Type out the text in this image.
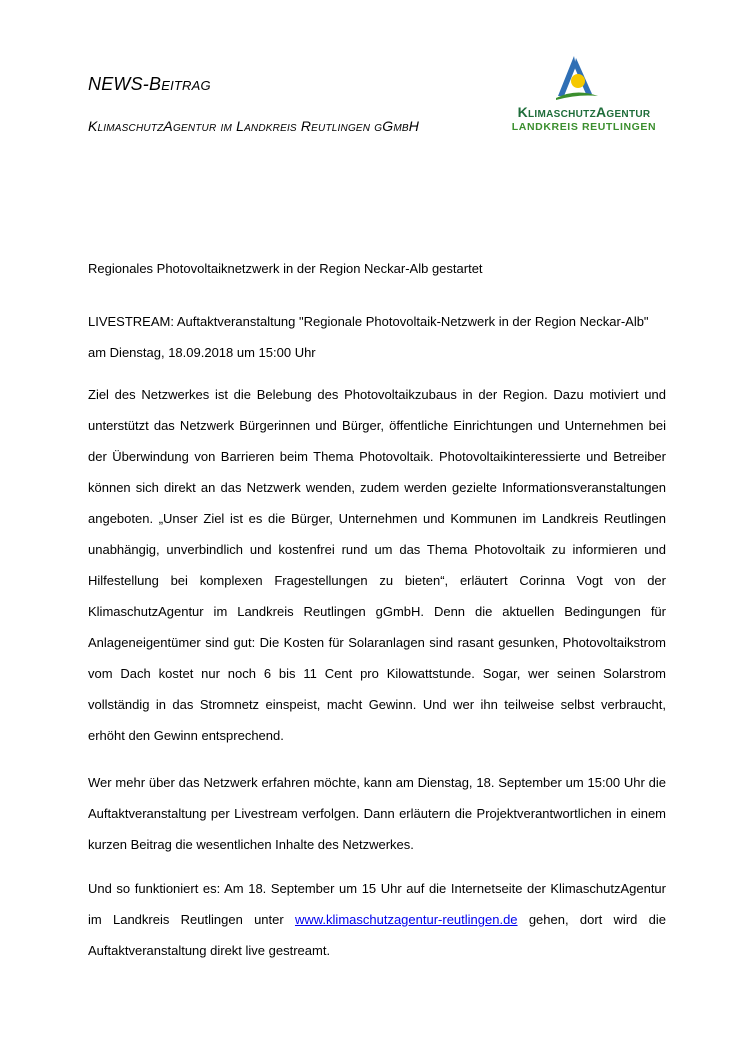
NEWS-Beitrag
KlimaschutzAgentur im Landkreis Reutlingen gGmbH
KlimaschutzAgentur
LANDKREIS REUTLINGEN
Regionales Photovoltaiknetzwerk in der Region Neckar-Alb gestartet
LIVESTREAM: Auftaktveranstaltung "Regionale Photovoltaik-Netzwerk in der Region Neckar-Alb"
am Dienstag, 18.09.2018 um 15:00 Uhr
Ziel des Netzwerkes ist die Belebung des Photovoltaikzubaus in der Region. Dazu motiviert und unterstützt das Netzwerk Bürgerinnen und Bürger, öffentliche Einrichtungen und Unternehmen bei der Überwindung von Barrieren beim Thema Photovoltaik. Photovoltaikinteressierte und Betreiber können sich direkt an das Netzwerk wenden, zudem werden gezielte Informationsveranstaltungen angeboten. „Unser Ziel ist es die Bürger, Unternehmen und Kommunen im Landkreis Reutlingen unabhängig, unverbindlich und kostenfrei rund um das Thema Photovoltaik zu informieren und Hilfestellung bei komplexen Fragestellungen zu bieten“, erläutert Corinna Vogt von der KlimaschutzAgentur im Landkreis Reutlingen gGmbH. Denn die aktuellen Bedingungen für Anlageneigentümer sind gut: Die Kosten für Solaranlagen sind rasant gesunken, Photovoltaikstrom vom Dach kostet nur noch 6 bis 11 Cent pro Kilowattstunde. Sogar, wer seinen Solarstrom vollständig in das Stromnetz einspeist, macht Gewinn. Und wer ihn teilweise selbst verbraucht, erhöht den Gewinn entsprechend.
Wer mehr über das Netzwerk erfahren möchte, kann am Dienstag, 18. September um 15:00 Uhr die Auftaktveranstaltung per Livestream verfolgen. Dann erläutern die Projektverantwortlichen in einem kurzen Beitrag die wesentlichen Inhalte des Netzwerkes.
Und so funktioniert es: Am 18. September um 15 Uhr auf die Internetseite der KlimaschutzAgentur im Landkreis Reutlingen unter www.klimaschutzagentur-reutlingen.de gehen, dort wird die Auftaktveranstaltung direkt live gestreamt.
